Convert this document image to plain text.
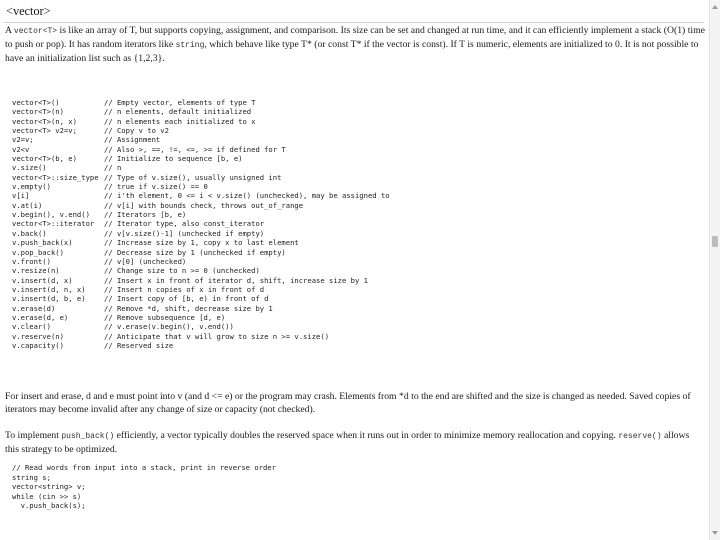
<vector>

A vector<T> is like an array of T, but supports copying, assignment, and comparison. Its size can be set and changed at run time, and it can efficiently implement a stack (O(1) time to push or pop). It has random iterators like string, which behave like type T* (or const T* if the vector is const). If T is numeric, elements are initialized to 0. It is not possible to have an initialization list such as {1,2,3}.

vector<T>()	// Empty vector, elements of type T
vector<T>(n)	// n elements, default initialized
vector<T>(n, x)	// n elements each initialized to x
vector<T> v2=v;	// Copy v to v2
v2=v;	// Assignment
v2<v	// Also >, ==, !=, <=, >= if defined for T
vector<T>(b, e)	// Initialize to sequence [b, e)
v.size()	// n
vector<T>::size_type // Type of v.size(), usually unsigned int
v.empty()	// true if v.size() == 0
v[i]	// i'th element, 0 <= i < v.size() (unchecked), may be assigned to
v.at(i)	// v[i] with bounds check, throws out_of_range
v.begin(), v.end() // Iterators [b, e)
vector<T>::iterator // Iterator type, also const_iterator
v.back()	// v[v.size()-1] (unchecked if empty)
v.push_back(x)	// Increase size by 1, copy x to last element
v.pop_back()	// Decrease size by 1 (unchecked if empty)
v.front()	// v[0] (unchecked)
v.resize(n)	// Change size to n >= 0 (unchecked)
v.insert(d, x)	// Insert x in front of iterator d, shift, increase size by 1
v.insert(d, n, x)	// Insert n copies of x in front of d
v.insert(d, b, e)	// Insert copy of [b, e) in front of d
v.erase(d)	// Remove *d, shift, decrease size by 1
v.erase(d, e)	// Remove subsequence [d, e)
v.clear()	// v.erase(v.begin(), v.end())
v.reserve(n)	// Anticipate that v will grow to size n >= v.size()
v.capacity()	// Reserved size

For insert and erase, d and e must point into v (and d <= e) or the program may crash. Elements from *d to the end are shifted and the size is changed as needed. Saved copies of iterators may become invalid after any change of size or capacity (not checked).

To implement push_back() efficiently, a vector typically doubles the reserved space when it runs out in order to minimize memory reallocation and copying. reserve() allows this strategy to be optimized.

// Read words from input into a stack, print in reverse order
string s;
vector<string> v;
while (cin >> s)
v.push_back(s);
